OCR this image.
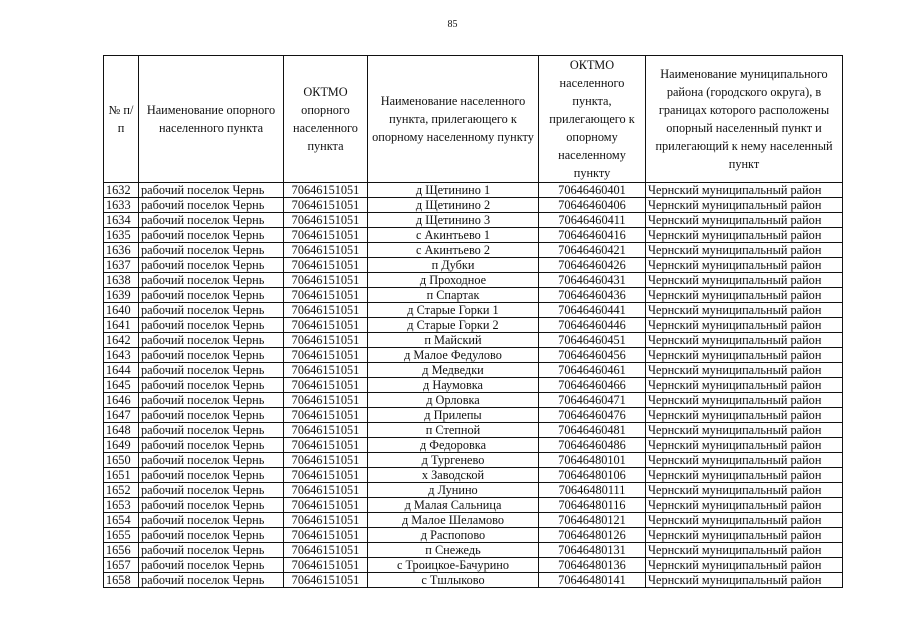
85
№ п/п	Наименование опорного населенного пункта	ОКТМО опорного населенного пункта	Наименование населенного пункта, прилегающего к опорному населенному пункту	ОКТМО населенного пункта, прилегающего к опорному населенному пункту	Наименование муниципального района (городского округа), в границах которого расположены опорный населенный пункт и прилегающий к нему населенный пункт
1632	рабочий поселок Чернь	70646151051	д Щетинино 1	70646460401	Чернский муниципальный район
1633	рабочий поселок Чернь	70646151051	д Щетинино 2	70646460406	Чернский муниципальный район
1634	рабочий поселок Чернь	70646151051	д Щетинино 3	70646460411	Чернский муниципальный район
1635	рабочий поселок Чернь	70646151051	с Акинтьево 1	70646460416	Чернский муниципальный район
1636	рабочий поселок Чернь	70646151051	с Акинтьево 2	70646460421	Чернский муниципальный район
1637	рабочий поселок Чернь	70646151051	п Дубки	70646460426	Чернский муниципальный район
1638	рабочий поселок Чернь	70646151051	д Проходное	70646460431	Чернский муниципальный район
1639	рабочий поселок Чернь	70646151051	п Спартак	70646460436	Чернский муниципальный район
1640	рабочий поселок Чернь	70646151051	д Старые Горки 1	70646460441	Чернский муниципальный район
1641	рабочий поселок Чернь	70646151051	д Старые Горки 2	70646460446	Чернский муниципальный район
1642	рабочий поселок Чернь	70646151051	п Майский	70646460451	Чернский муниципальный район
1643	рабочий поселок Чернь	70646151051	д Малое Федулово	70646460456	Чернский муниципальный район
1644	рабочий поселок Чернь	70646151051	д Медведки	70646460461	Чернский муниципальный район
1645	рабочий поселок Чернь	70646151051	д Наумовка	70646460466	Чернский муниципальный район
1646	рабочий поселок Чернь	70646151051	д Орловка	70646460471	Чернский муниципальный район
1647	рабочий поселок Чернь	70646151051	д Прилепы	70646460476	Чернский муниципальный район
1648	рабочий поселок Чернь	70646151051	п Степной	70646460481	Чернский муниципальный район
1649	рабочий поселок Чернь	70646151051	д Федоровка	70646460486	Чернский муниципальный район
1650	рабочий поселок Чернь	70646151051	д Тургенево	70646480101	Чернский муниципальный район
1651	рабочий поселок Чернь	70646151051	х Заводской	70646480106	Чернский муниципальный район
1652	рабочий поселок Чернь	70646151051	д Лунино	70646480111	Чернский муниципальный район
1653	рабочий поселок Чернь	70646151051	д Малая Сальница	70646480116	Чернский муниципальный район
1654	рабочий поселок Чернь	70646151051	д Малое Шеламово	70646480121	Чернский муниципальный район
1655	рабочий поселок Чернь	70646151051	д Распопово	70646480126	Чернский муниципальный район
1656	рабочий поселок Чернь	70646151051	п Снежедь	70646480131	Чернский муниципальный район
1657	рабочий поселок Чернь	70646151051	с Троицкое-Бачурино	70646480136	Чернский муниципальный район
1658	рабочий поселок Чернь	70646151051	с Тшлыково	70646480141	Чернский муниципальный район
